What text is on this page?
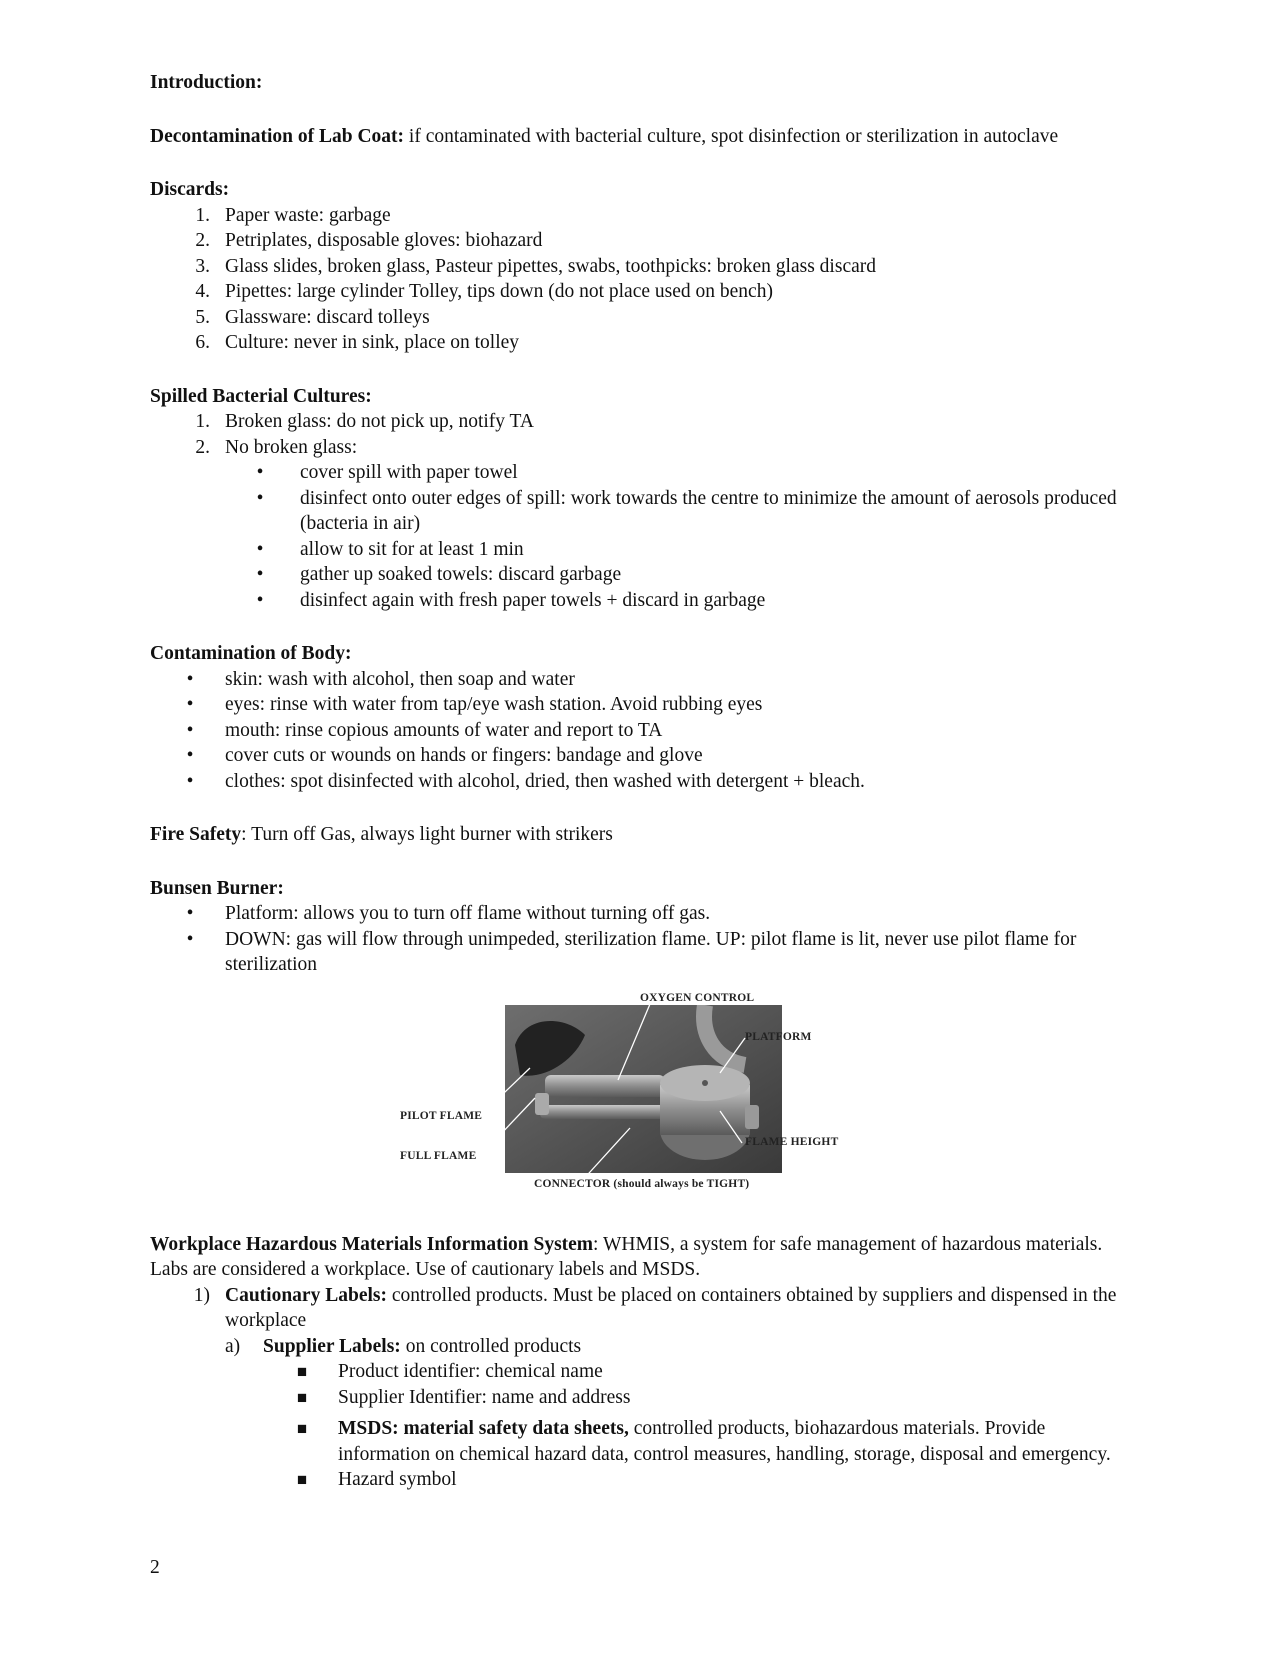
Introduction:

Decontamination of Lab Coat: if contaminated with bacterial culture, spot disinfection or sterilization in autoclave

Discards:

1. Paper waste: garbage
2. Petriplates, disposable gloves: biohazard
3. Glass slides, broken glass, Pasteur pipettes, swabs, toothpicks: broken glass discard
4. Pipettes: large cylinder Tolley, tips down (do not place used on bench)
5. Glassware: discard tolleys
6. Culture: never in sink, place on tolley

Spilled Bacterial Cultures:

1. Broken glass: do not pick up, notify TA
2. No broken glass:
•	cover spill with paper towel
•	disinfect onto outer edges of spill: work towards the centre to minimize the amount of aerosols produced (bacteria in air)
•	allow to sit for at least 1 min
•	gather up soaked towels: discard garbage
•	disinfect again with fresh paper towels + discard in garbage

Contamination of Body:

•	skin: wash with alcohol, then soap and water
•	eyes: rinse with water from tap/eye wash station. Avoid rubbing eyes
•	mouth: rinse copious amounts of water and report to TA
•	cover cuts or wounds on hands or fingers: bandage and glove
•	clothes: spot disinfected with alcohol, dried, then washed with detergent + bleach.

Fire Safety: Turn off Gas, always light burner with strikers

Bunsen Burner:

•	Platform: allows you to turn off flame without turning off gas.
•	DOWN: gas will flow through unimpeded, sterilization flame. UP: pilot flame is lit, never use pilot flame for sterilization
OXYGEN CONTROL
PLATFORM
PILOT FLAME
FULL FLAME
FLAME HEIGHT
CONNECTOR (should always be TIGHT)

Workplace Hazardous Materials Information System: WHMIS, a system for safe management of hazardous materials. Labs are considered a workplace. Use of cautionary labels and MSDS.

1) Cautionary Labels: controlled products. Must be placed on containers obtained by suppliers and dispensed in the workplace
a)	Supplier Labels: on controlled products
■ Product identifier: chemical name
■ Supplier Identifier: name and address
■ MSDS: material safety data sheets, controlled products, biohazardous materials. Provide information on chemical hazard data, control measures, handling, storage, disposal and emergency.
■ Hazard symbol
2
